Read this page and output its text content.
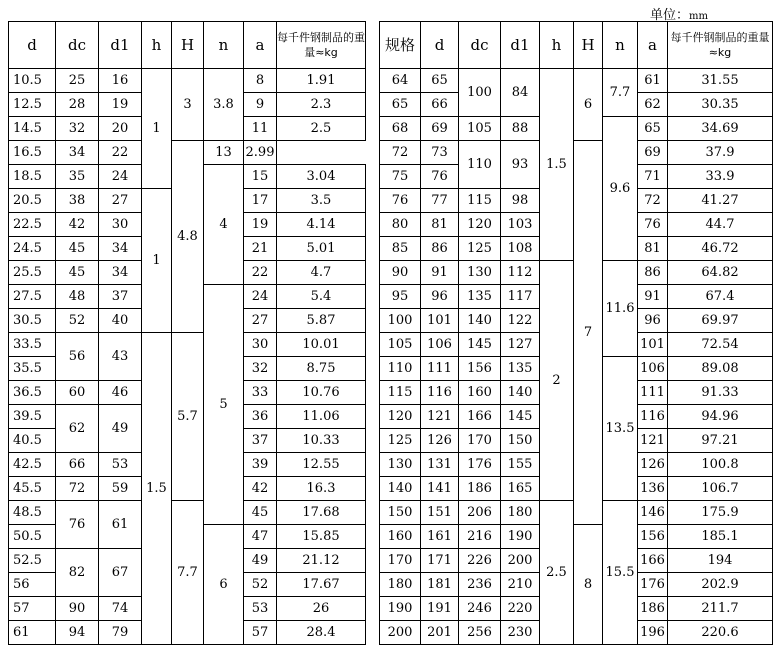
单位：mm
d	dc	d1	h	H	n	a	每千件钢制品的重量≈kg
10.5	25	16	1	3	3.8	8	1.91
12.5	28	19				9	2.3
14.5	32	20				11	2.5
16.5	34	22		4.8	13	2.99	
18.5	35	24			4	15	3.04
20.5	38	27	1			17	3.5
22.5	42	30				19	4.14
24.5	45	34				21	5.01
25.5	45	34				22	4.7
27.5	48	37			5	24	5.4
30.5	52	40				27	5.87
33.5	56	43	1.5	5.7		30	10.01
35.5						32	8.75
36.5	60	46				33	10.76
39.5	62	49				36	11.06
40.5						37	10.33
42.5	66	53				39	12.55
45.5	72	59				42	16.3
48.5	76	61		7.7		45	17.68
50.5					6	47	15.85
52.5	82	67				49	21.12
56						52	17.67
57	90	74				53	26
61	94	79				57	28.4
规格	d	dc	d1	h	H	n	a	每千件钢制品的重量≈kg
64	65	100	84	1.5	6	7.7	61	31.55
65	66						62	30.35
68	69	105	88			9.6	65	34.69
72	73	110	93		7		69	37.9
75	76						71	33.9
76	77	115	98				72	41.27
80	81	120	103				76	44.7
85	86	125	108				81	46.72
90	91	130	112	2		11.6	86	64.82
95	96	135	117				91	67.4
100	101	140	122				96	69.97
105	106	145	127				101	72.54
110	111	156	135			13.5	106	89.08
115	116	160	140				111	91.33
120	121	166	145				116	94.96
125	126	170	150				121	97.21
130	131	176	155				126	100.8
140	141	186	165				136	106.7
150	151	206	180	2.5		15.5	146	175.9
160	161	216	190		8		156	185.1
170	171	226	200				166	194
180	181	236	210				176	202.9
190	191	246	220				186	211.7
200	201	256	230				196	220.6
